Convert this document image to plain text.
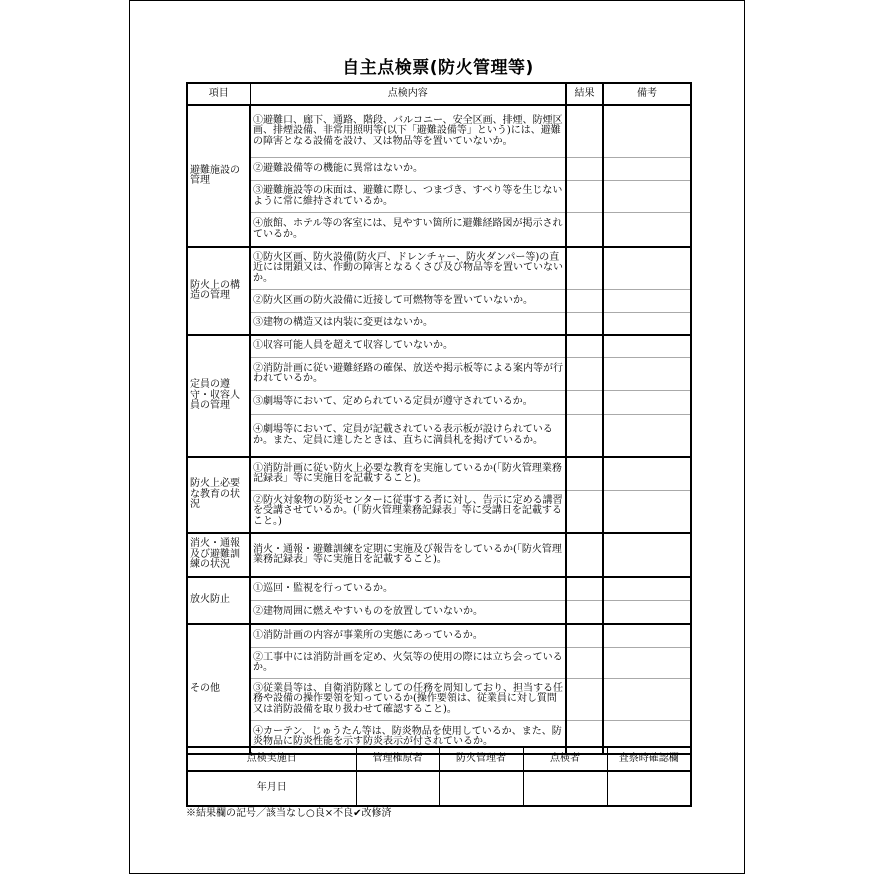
自主点検票(防火管理等)
項目	点検内容	結果	備考
避難施設の管理	①避難口、廊下、通路、階段、バルコニー、安全区画、排煙、防煙区画、排煙設備、非常用照明等(以下「避難設備等」という)には、避難の障害となる設備を設け、又は物品等を置いていないか。		
	②避難設備等の機能に異常はないか。		
	③避難施設等の床面は、避難に際し、つまづき、すべり等を生じないように常に維持されているか。		
	④旅館、ホテル等の客室には、見やすい箇所に避難経路図が掲示されているか。		
防火上の構造の管理	①防火区画、防火設備(防火戸、ドレンチャー、防火ダンパー等)の直近には閉鎖又は、作動の障害となるくさび及び物品等を置いていないか。		
	②防火区画の防火設備に近接して可燃物等を置いていないか。		
	③建物の構造又は内装に変更はないか。		
定員の遵守・収容人員の管理	①収容可能人員を超えて収容していないか。		
	②消防計画に従い避難経路の確保、放送や掲示板等による案内等が行われているか。		
	③劇場等において、定められている定員が遵守されているか。		
	④劇場等において、定員が記載されている表示板が設けられているか。また、定員に達したときは、直ちに満員札を掲げているか。		
防火上必要な教育の状況	①消防計画に従い防火上必要な教育を実施しているか(「防火管理業務記録表」等に実施日を記載すること)。		
	②防火対象物の防災センターに従事する者に対し、告示に定める講習を受講させているか。(「防火管理業務記録表」等に受講日を記載すること。)		
消火・通報及び避難訓練の状況	消火・通報・避難訓練を定期に実施及び報告をしているか(「防火管理業務記録表」等に実施日を記載すること)。		
放火防止	①巡回・監視を行っているか。		
	②建物周囲に燃えやすいものを放置していないか。		
その他	①消防計画の内容が事業所の実態にあっているか。		
	②工事中には消防計画を定め、火気等の使用の際には立ち会っているか。		
	③従業員等は、自衛消防隊としての任務を周知しており、担当する任務や設備の操作要領を知っているか(操作要領は、従業員に対し質問又は消防設備を取り扱わせて確認すること)。		
	④カーテン、じゅうたん等は、防炎物品を使用しているか、また、防炎物品に防炎性能を示す防炎表示が付されているか。		
点検実施日	管理権原者	防火管理者	点検者	査察時確認欄
年月日				
※結果欄の記号／該当なし○良×不良✔改修済
